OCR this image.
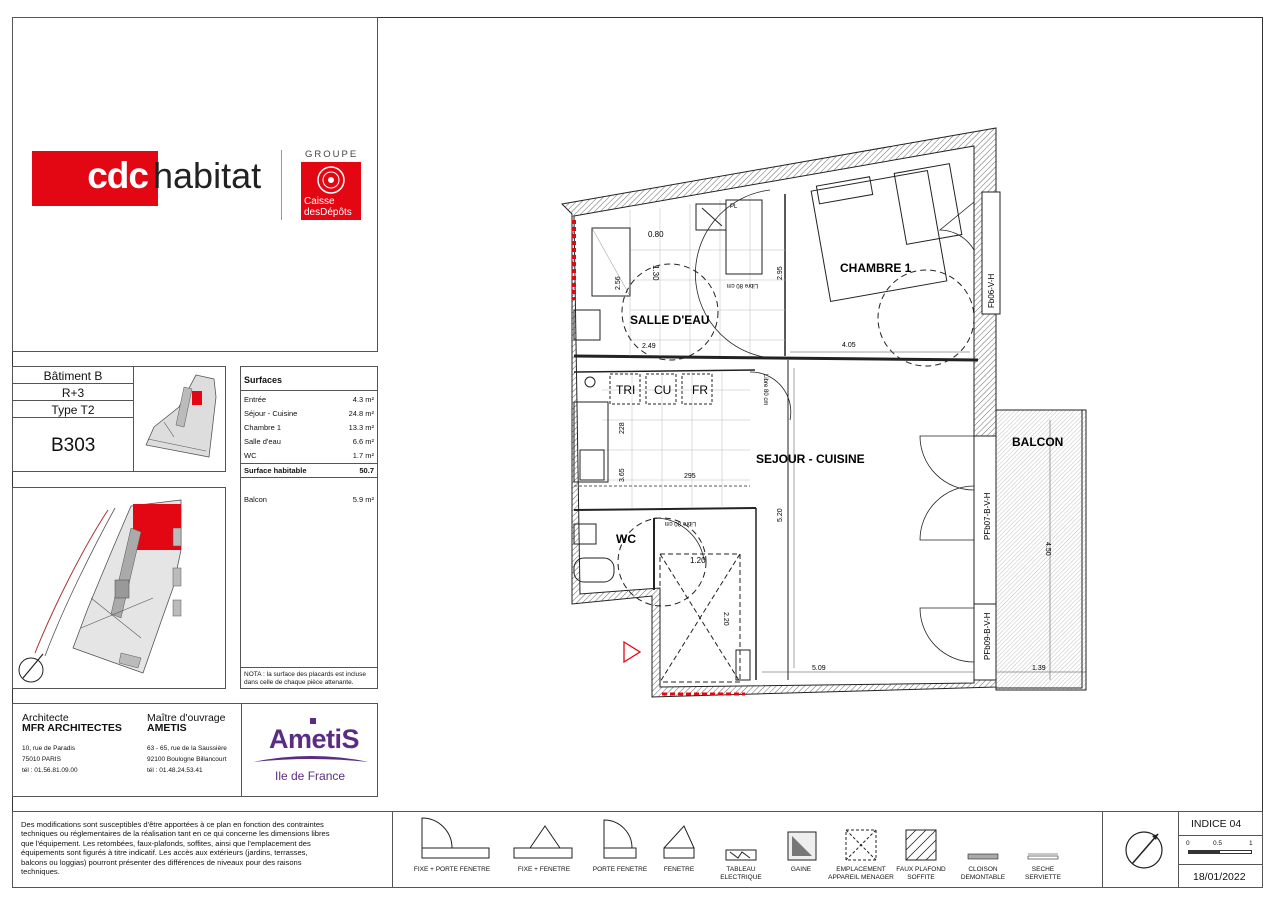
cdc habitat
GROUPE
Caisse
desDépôts
Bâtiment B
R+3
Type T2
B303
Surfaces
Surface habitable	50.7
Balcon	5.9 m²
NOTA : la surface des placards est incluse
dans celle de chaque pièce attenante.
Entrée	4.3 m²
Séjour - Cuisine	24.8 m²
Chambre 1	13.3 m²
Salle d'eau	6.6 m²
WC	1.7 m²
Architecte
MFR ARCHITECTES
10, rue de Paradis
75010 PARIS
tél : 01.56.81.09.00
Maître d'ouvrage
AMETIS
63 - 65, rue de la Saussière
92100 Boulogne Billancourt
tél : 01.48.24.53.41
AmetiS
Ile de France
Des modifications sont susceptibles d'être apportées à ce plan en fonction des contraintes
techniques ou réglementaires de la réalisation tant en ce qui concerne les dimensions libres
que l'équipement. Les retombées, faux-plafonds, soffites, ainsi que l'emplacement des
équipements sont figurés à titre indicatif. Les accès aux extérieurs (jardins, terrasses,
balcons ou loggias) pourront présenter des différences de niveaux pour des raisons
techniques.	FIXE + PORTE FENETRE	FIXE + FENETRE	PORTE FENETRE	FENETRE	TABLEAU
ELECTRIQUE
GAINE	EMPLACEMENT
APPAREIL MENAGER
FAUX PLAFOND
SOFFITE
CLOISON
DEMONTABLE
SECHE
SERVIETTE
INDICE 04
0	0.5	1
18/01/2022
CHAMBRE 1
SALLE D'EAU
SEJOUR - CUISINE
WC
BALCON
TRI CU FR
0.80
1.30
2.49	4.05
295
1.20
2.20
5.20
5.09	1.39
4.50
228
3.65
2.56
2.95
Libre 80 cm
Libre 80 cm
Libre 80 cm
PL
Fb06-V-H
PFb07-B-V-H
PFb09-B-V-H
